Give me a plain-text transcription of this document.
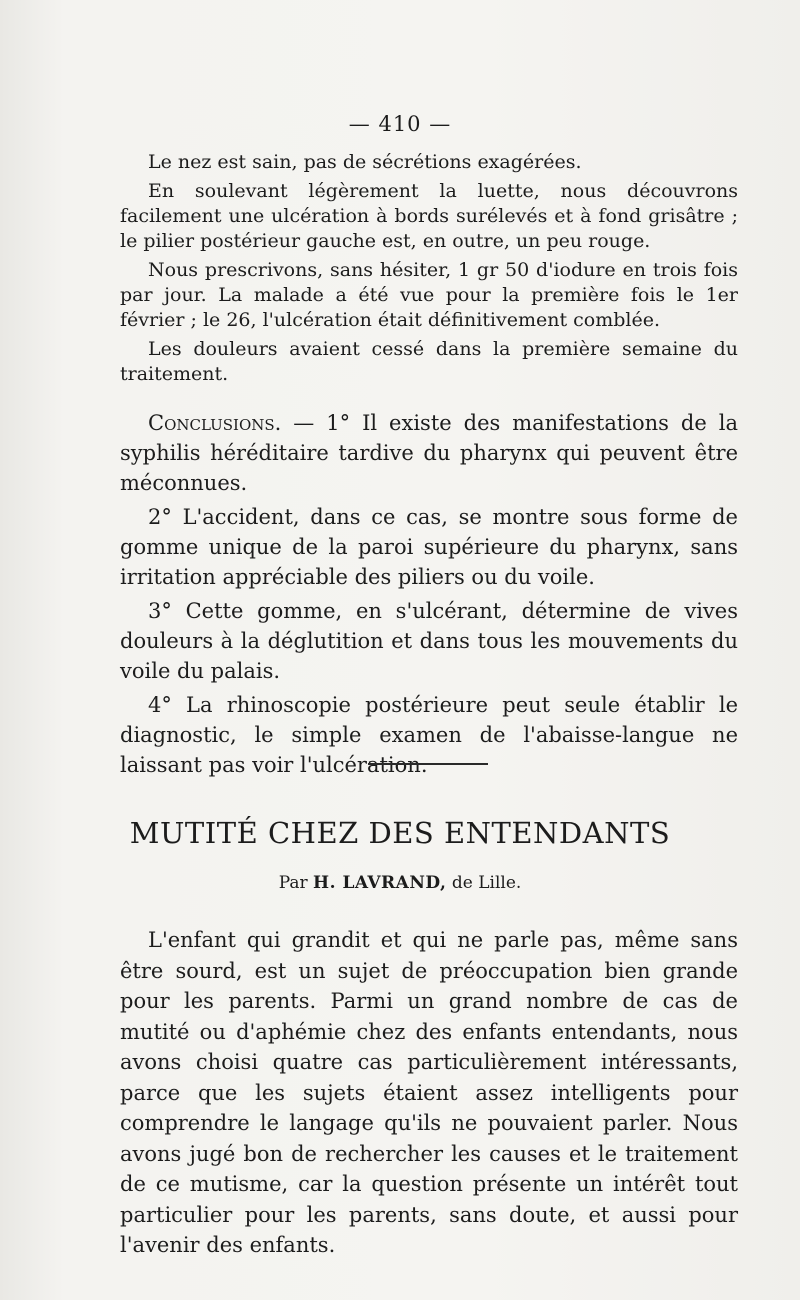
— 410 —

Le nez est sain, pas de sécrétions exagérées.

En soulevant légèrement la luette, nous découvrons facilement une ulcération à bords surélevés et à fond grisâtre ; le pilier postérieur gauche est, en outre, un peu rouge.

Nous prescrivons, sans hésiter, 1 gr 50 d'iodure en trois fois par jour. La malade a été vue pour la première fois le 1er février ; le 26, l'ulcération était définitivement comblée.

Les douleurs avaient cessé dans la première semaine du traitement.

Conclusions. — 1° Il existe des manifestations de la syphilis héréditaire tardive du pharynx qui peuvent être méconnues.

2° L'accident, dans ce cas, se montre sous forme de gomme unique de la paroi supérieure du pharynx, sans irritation appréciable des piliers ou du voile.

3° Cette gomme, en s'ulcérant, détermine de vives douleurs à la déglutition et dans tous les mouvements du voile du palais.

4° La rhinoscopie postérieure peut seule établir le diagnostic, le simple examen de l'abaisse-langue ne laissant pas voir l'ulcération.

MUTITÉ CHEZ DES ENTENDANTS
Par H. LAVRAND, de Lille.

L'enfant qui grandit et qui ne parle pas, même sans être sourd, est un sujet de préoccupation bien grande pour les parents. Parmi un grand nombre de cas de mutité ou d'aphémie chez des enfants entendants, nous avons choisi quatre cas particulièrement intéressants, parce que les sujets étaient assez intelligents pour comprendre le langage qu'ils ne pouvaient parler. Nous avons jugé bon de rechercher les causes et le traitement de ce mutisme, car la question présente un intérêt tout particulier pour les parents, sans doute, et aussi pour l'avenir des enfants.
